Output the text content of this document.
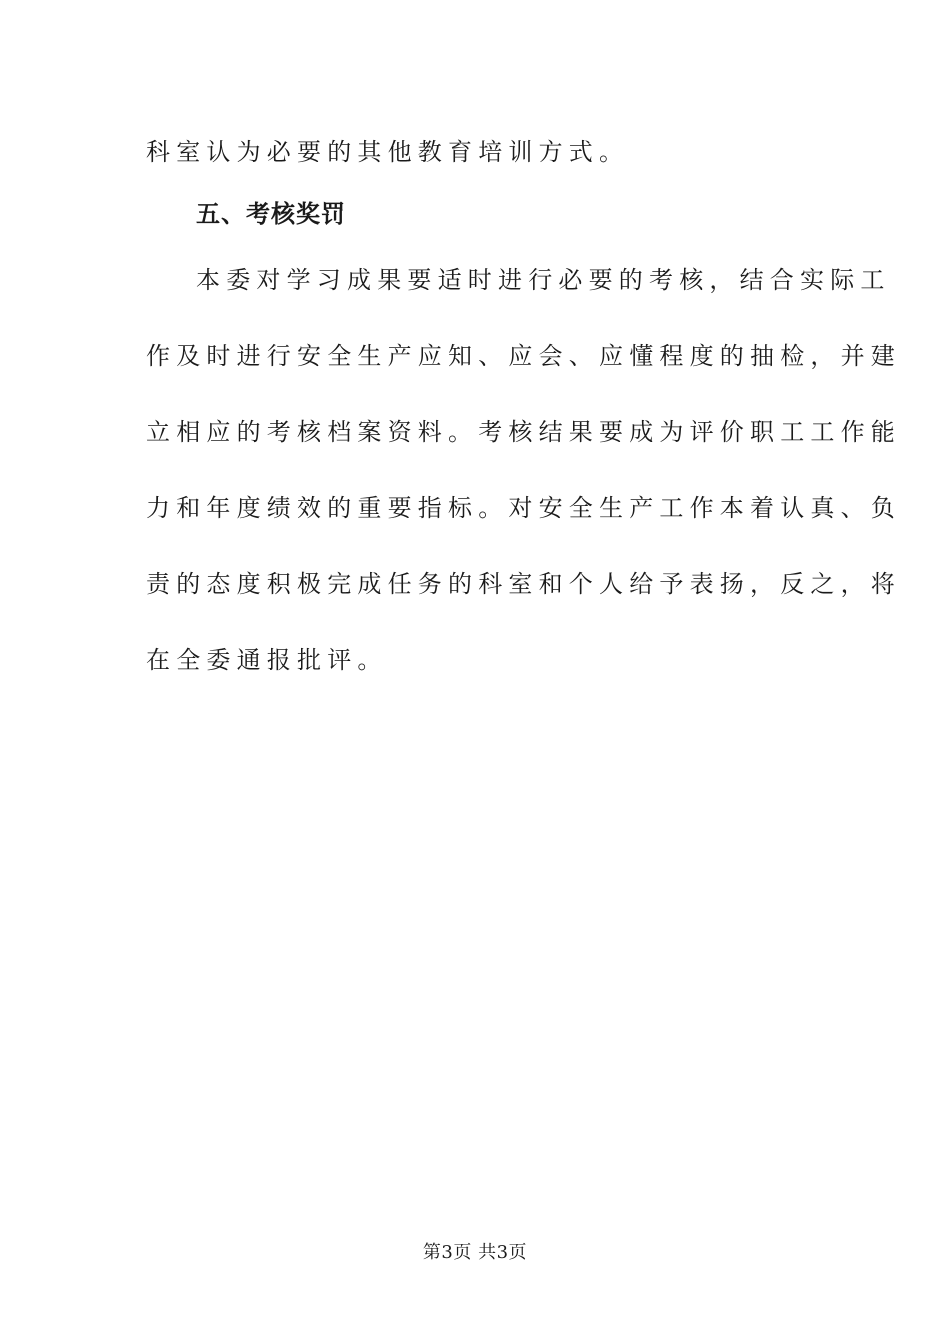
科室认为必要的其他教育培训方式。
五、考核奖罚
本委对学习成果要适时进行必要的考核，结合实际工
作及时进行安全生产应知、应会、应懂程度的抽检，并建
立相应的考核档案资料。考核结果要成为评价职工工作能
力和年度绩效的重要指标。对安全生产工作本着认真、负
责的态度积极完成任务的科室和个人给予表扬，反之，将
在全委通报批评。
第3页 共3页
